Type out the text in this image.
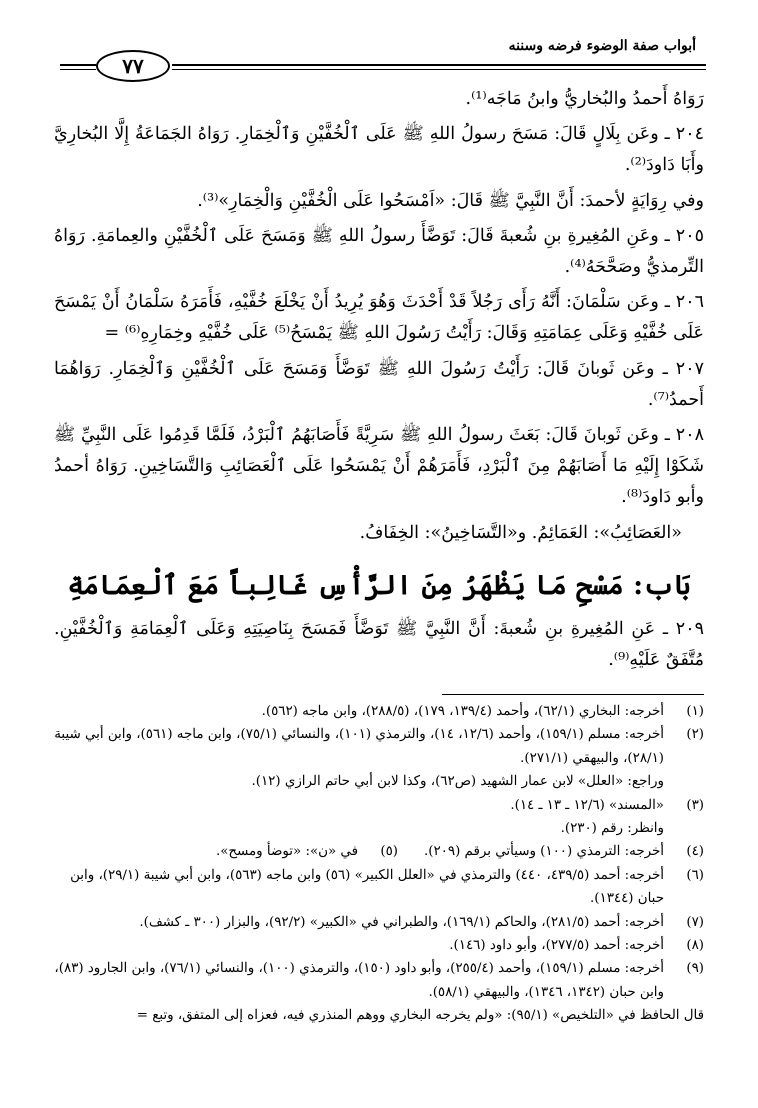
أبواب صفة الوضوء فرضه وسننه
٧٧

رَوَاهُ أَحمدُ والبُخاريُّ وابنُ مَاجَه⁽¹⁾.

٢٠٤ ـ وعَن بِلَالٍ قَالَ: مَسَحَ رسولُ اللهِ ﷺ عَلَى ٱلْخُفَّيْنِ وَٱلْخِمَارِ. رَوَاهُ الجَمَاعَةُ إِلَّا البُخارِيَّ وأَبَا دَاودَ⁽²⁾.

وفي رِوَايَةٍ لأحمدَ: أَنَّ النَّبِيَّ ﷺ قَالَ: «اَمْسَحُوا عَلَى الْخُفَّيْنِ وَالْخِمَارِ»⁽³⁾.

٢٠٥ ـ وعَنِ المُغِيرةِ بنِ شُعبةَ قَالَ: تَوَضَّأَ رسولُ اللهِ ﷺ وَمَسَحَ عَلَى ٱلْخُفَّيْنِ والعِمامَةِ. رَوَاهُ التِّرمذيُّ وصَحَّحَهُ⁽⁴⁾.

٢٠٦ ـ وعَن سَلْمَانَ: أَنَّهُ رَأَى رَجُلاً قَدْ أَحْدَثَ وَهُوَ يُرِيدُ أَنْ يَخْلَعَ خُفَّيْهِ، فَأَمَرَهُ سَلْمَانُ أَنْ يَمْسَحَ عَلَى خُفَّيْهِ وَعَلَى عِمَامَتِهِ وَقَالَ: رَأَيْتُ رَسُولَ اللهِ ﷺ يَمْسَحُ⁽⁵⁾ عَلَى خُفَّيْهِ وخِمَارِهِ⁽⁶⁾ =

٢٠٧ ـ وعَن ثَوبانَ قَالَ: رَأَيْتُ رَسُولَ اللهِ ﷺ تَوَضَّأَ وَمَسَحَ عَلَى ٱلْخُفَّيْنِ وَٱلْخِمَارِ. رَوَاهُمَا أَحمدُ⁽⁷⁾.

٢٠٨ ـ وعَن ثَوبانَ قَالَ: بَعَثَ رسولُ اللهِ ﷺ سَرِيَّةً فَأَصَابَهُمُ ٱلْبَرْدُ، فَلَمَّا قَدِمُوا عَلَى النَّبِيِّ ﷺ شَكَوْا إِلَيْهِ مَا أَصَابَهُمْ مِنَ ٱلْبَرْدِ، فَأَمَرَهُمْ أَنْ يَمْسَحُوا عَلَى ٱلْعَصَائِبِ وَالتَّسَاخِينِ. رَوَاهُ أحمدُ وأبو دَاودَ⁽⁸⁾.

«العَصَائِبُ»: العَمَائِمُ. و«التَّسَاخِينُ»: الخِفَافُ.

بَاب: مَسْحِ مَا يَظْهَرُ مِنَ الرَّأْسِ غَالِباً مَعَ ٱلْعِمَامَةِ

٢٠٩ ـ عَنِ المُغِيرةِ بنِ شُعبةَ: أَنَّ النَّبِيَّ ﷺ تَوَضَّأَ فَمَسَحَ بِنَاصِيَتِهِ وَعَلَى ٱلْعِمَامَةِ وَٱلْخُفَّيْنِ. مُتَّفَقٌ عَلَيْهِ⁽⁹⁾.

(١)
أخرجه: البخاري (٦٢/١)، وأحمد (١٣٩/٤، ١٧٩)، (٢٨٨/٥)، وابن ماجه (٥٦٢).
(٢)
أخرجه: مسلم (١٥٩/١)، وأحمد (١٢/٦، ١٤)، والترمذي (١٠١)، والنسائي (٧٥/١)، وابن ماجه (٥٦١)، وابن أبي شيبة (٢٨/١)، والبيهقي (٢٧١/١).
وراجع: «العلل» لابن عمار الشهيد (ص٦٢)، وكذا لابن أبي حاتم الرازي (١٢).
(٣)
«المسند» (١٢/٦ ـ ١٣ ـ ١٤).
وانظر: رقم (٢٣٠).
(٤)
أخرجه: الترمذي (١٠٠) وسيأتي برقم (٢٠٩).
(٥)
في «ن»: «توضأ ومسح».
(٦)
أخرجه: أحمد (٤٣٩/٥، ٤٤٠) والترمذي في «العلل الكبير» (٥٦) وابن ماجه (٥٦٣)، وابن أبي شيبة (٢٩/١)، وابن حبان (١٣٤٤).
(٧)
أخرجه: أحمد (٢٨١/٥)، والحاكم (١٦٩/١)، والطبراني في «الكبير» (٩٢/٢)، والبزار (٣٠٠ ـ كشف).
(٨)
أخرجه: أحمد (٢٧٧/٥)، وأبو داود (١٤٦).
(٩)
أخرجه: مسلم (١٥٩/١)، وأحمد (٢٥٥/٤)، وأبو داود (١٥٠)، والترمذي (١٠٠)، والنسائي (٧٦/١)، وابن الجارود (٨٣)، وابن حبان (١٣٤٢، ١٣٤٦)، والبيهقي (٥٨/١).
قال الحافظ في «التلخيص» (٩٥/١): «ولم يخرجه البخاري ووهم المنذري فيه، فعزاه إلى المتفق، وتبع =
